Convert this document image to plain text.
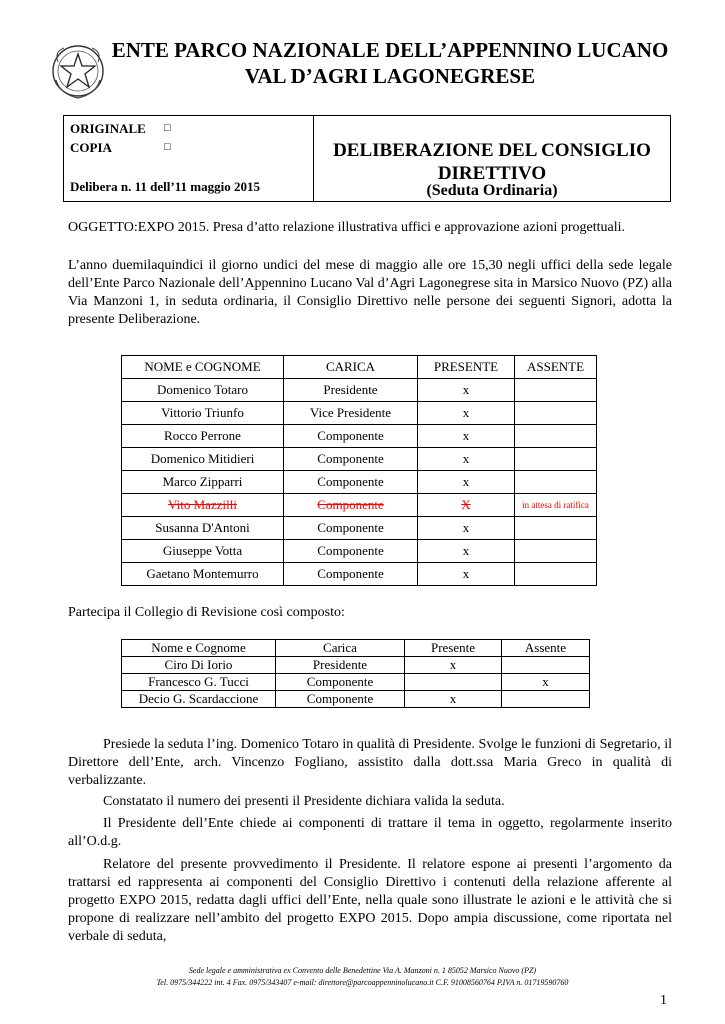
ENTE PARCO NAZIONALE DELL’APPENNINO LUCANO
VAL D’AGRI LAGONEGRESE
ORIGINALE □
COPIA	□
Delibera n. 11 dell’11 maggio 2015
DELIBERAZIONE DEL CONSIGLIO
DIRETTIVO
(Seduta Ordinaria)
OGGETTO:EXPO 2015. Presa d’atto relazione illustrativa uffici e approvazione azioni progettuali.
L’anno duemilaquindici il giorno undici del mese di maggio alle ore 15,30 negli uffici della sede legale dell’Ente Parco Nazionale dell’Appennino Lucano Val d’Agri Lagonegrese sita in Marsico Nuovo (PZ) alla Via Manzoni 1, in seduta ordinaria, il Consiglio Direttivo nelle persone dei seguenti Signori, adotta la presente Deliberazione.
NOME e COGNOME	CARICA	PRESENTE	ASSENTE
Domenico Totaro	Presidente	x	
Vittorio Triunfo	Vice Presidente	x	
Rocco Perrone	Componente	x	
Domenico Mitidieri	Componente	x	
Marco Zipparri	Componente	x	
Vito Mazzilli	Componente	X	in attesa di ratifica
Susanna D'Antoni	Componente	x	
Giuseppe Votta	Componente	x	
Gaetano Montemurro	Componente	x	
Partecipa il Collegio di Revisione così composto:
Nome e Cognome	Carica	Presente	Assente
Ciro Di Iorio	Presidente	x	
Francesco G. Tucci	Componente		x
Decio G. Scardaccione	Componente	x	
Presiede la seduta l’ing. Domenico Totaro in qualità di Presidente. Svolge le funzioni di Segretario, il Direttore dell’Ente, arch. Vincenzo Fogliano, assistito dalla dott.ssa Maria Greco in qualità di verbalizzante.
Constatato il numero dei presenti il Presidente dichiara valida la seduta.
Il Presidente dell’Ente chiede ai componenti di trattare il tema in oggetto, regolarmente inserito all’O.d.g.
Relatore del presente provvedimento il Presidente. Il relatore espone ai presenti l’argomento da trattarsi ed rappresenta ai componenti del Consiglio Direttivo i contenuti della relazione afferente al progetto EXPO 2015, redatta dagli uffici dell’Ente, nella quale sono illustrate le azioni e le attività che si propone di realizzare nell’ambito del progetto EXPO 2015. Dopo ampia discussione, come riportata nel verbale di seduta,
Sede legale e amministrativa ex Convento delle Benedettine Via A. Manzoni n. 1 85052 Marsico Nuovo (PZ)
Tel. 0975/344222 int. 4 Fax. 0975/343407 e-mail: direttore@parcoappenninolucano.it C.F. 91008560764 P.IVA n. 01719590760
1
